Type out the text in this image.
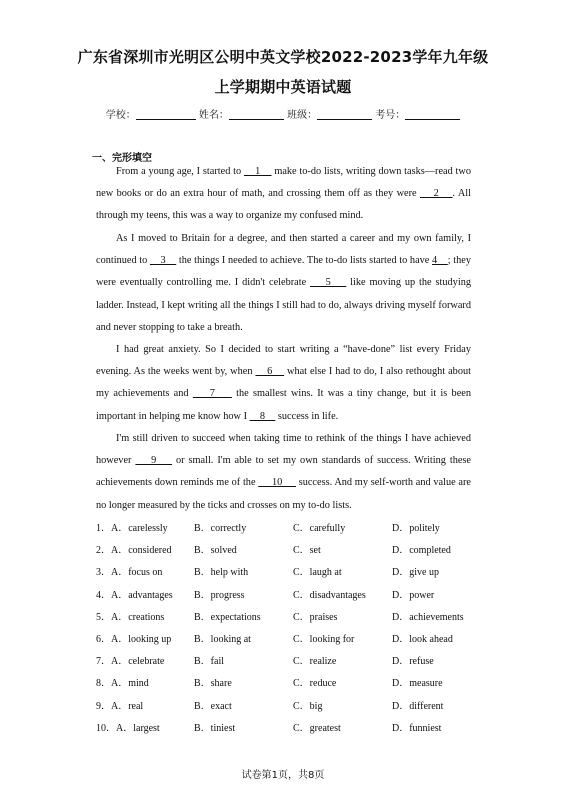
广东省深圳市光明区公明中英文学校2022-2023学年九年级
上学期期中英语试题
学校：	姓名：	班级：	考号：
一、完形填空
From a young age, I started to     1     make to-do lists, writing down tasks—read two new books or do an extra hour of math, and crossing them off as they were     2    . All through my teens, this was a way to organize my confused mind.
As I moved to Britain for a degree, and then started a career and my own family, I continued to     3     the things I needed to achieve. The to-do lists started to have 4    ; they were eventually controlling me. I didn't celebrate     5     like moving up the studying ladder. Instead, I kept writing all the things I still had to do, always driving myself forward and never stopping to take a breath.
I had great anxiety. So I decided to start writing a “have-done” list every Friday evening. As the weeks went by, when     6     what else I had to do, I also rethought about my achievements and     7     the smallest wins. It was a tiny change, but it is been important in helping me know how I     8     success in life.
I'm still driven to succeed when taking time to rethink of the things I have achieved however     9     or small. I'm able to set my own standards of success. Writing these achievements down reminds me of the      10      success. And my self-worth and value are no longer measured by the ticks and crosses on my to-do lists.
1．A．carelessly	B．correctly	C．carefully	D．politely
2．A．considered B．solved	C．set	D．completed
3．A．focus on	B．help with	C．laugh at	D．give up
4．A．advantages B．progress	C．disadvantages	D．power
5．A．creations	B．expectations	C．praises	D．achievements
6．A．looking up B．looking at	C．looking for	D．look ahead
7．A．celebrate	B．fail	C．realize	D．refuse
8．A．mind	B．share	C．reduce	D．measure
9．A．real	B．exact	C．big	D．different
10．A．largest	B．tiniest	C．greatest	D．funniest
试卷第1页，共8页
